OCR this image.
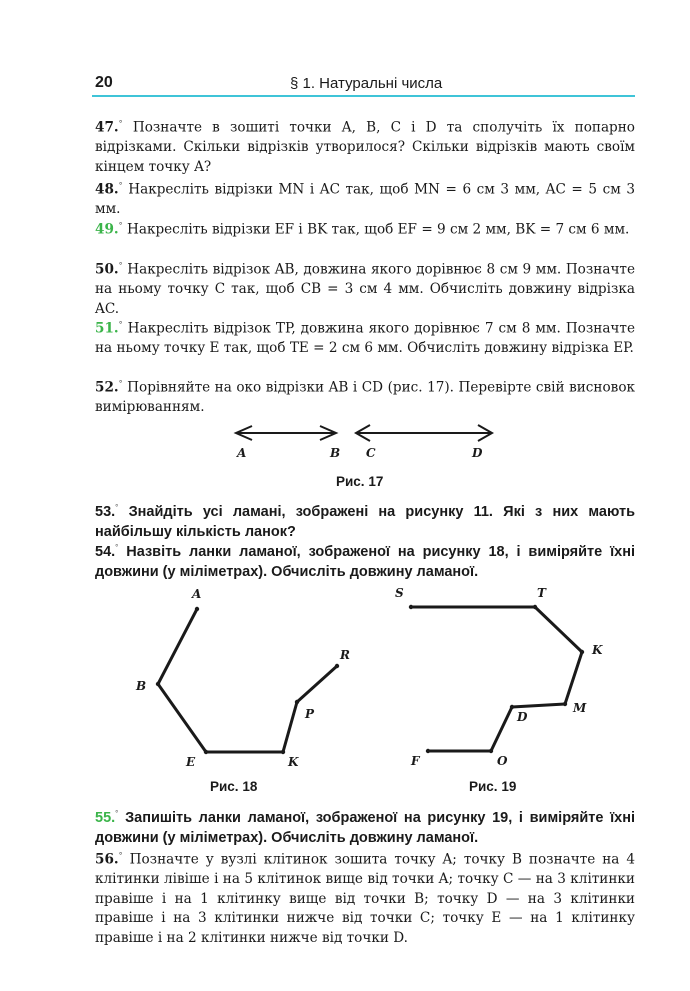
20	§ 1. Натуральні числа
47.° Позначте в зошиті точки A, B, C і D та сполучіть їх попарно відрізками. Скільки відрізків утворилося? Скільки відрізків мають своїм кінцем точку A?
48.° Накресліть відрізки MN і AC так, щоб MN = 6 см 3 мм, AC = 5 см 3 мм.
49.° Накресліть відрізки EF і BK так, щоб EF = 9 см 2 мм, BK = 7 см 6 мм.
50.° Накресліть відрізок AB, довжина якого дорівнює 8 см 9 мм. Позначте на ньому точку C так, щоб CB = 3 см 4 мм. Обчисліть довжину відрізка AC.
51.° Накресліть відрізок TP, довжина якого дорівнює 7 см 8 мм. Позначте на ньому точку E так, щоб TE = 2 см 6 мм. Обчисліть довжину відрізка EP.
52.° Порівняйте на око відрізки AB і CD (рис. 17). Перевірте свій висновок вимірюванням.
A	B C	D
Рис. 17
53.° Знайдіть усі ламані, зображені на рисунку 11. Які з них мають найбільшу кількість ланок?
54.° Назвіть ланки ламаної, зображеної на рисунку 18, і виміряйте їхні довжини (у міліметрах). Обчисліть довжину ламаної.
A
B
E	K
P
R
S	T
K
M
D
O
F
Рис. 18	Рис. 19
55.° Запишіть ланки ламаної, зображеної на рисунку 19, і виміряйте їхні довжини (у міліметрах). Обчисліть довжину ламаної.
56.° Позначте у вузлі клітинок зошита точку A; точку B позначте на 4 клітинки лівіше і на 5 клітинок вище від точки A; точку C — на 3 клітинки правіше і на 1 клітинку вище від точки B; точку D — на 3 клітинки правіше і на 3 клітинки нижче від точки C; точку E — на 1 клітинку правіше і на 2 клітинки нижче від точки D.
